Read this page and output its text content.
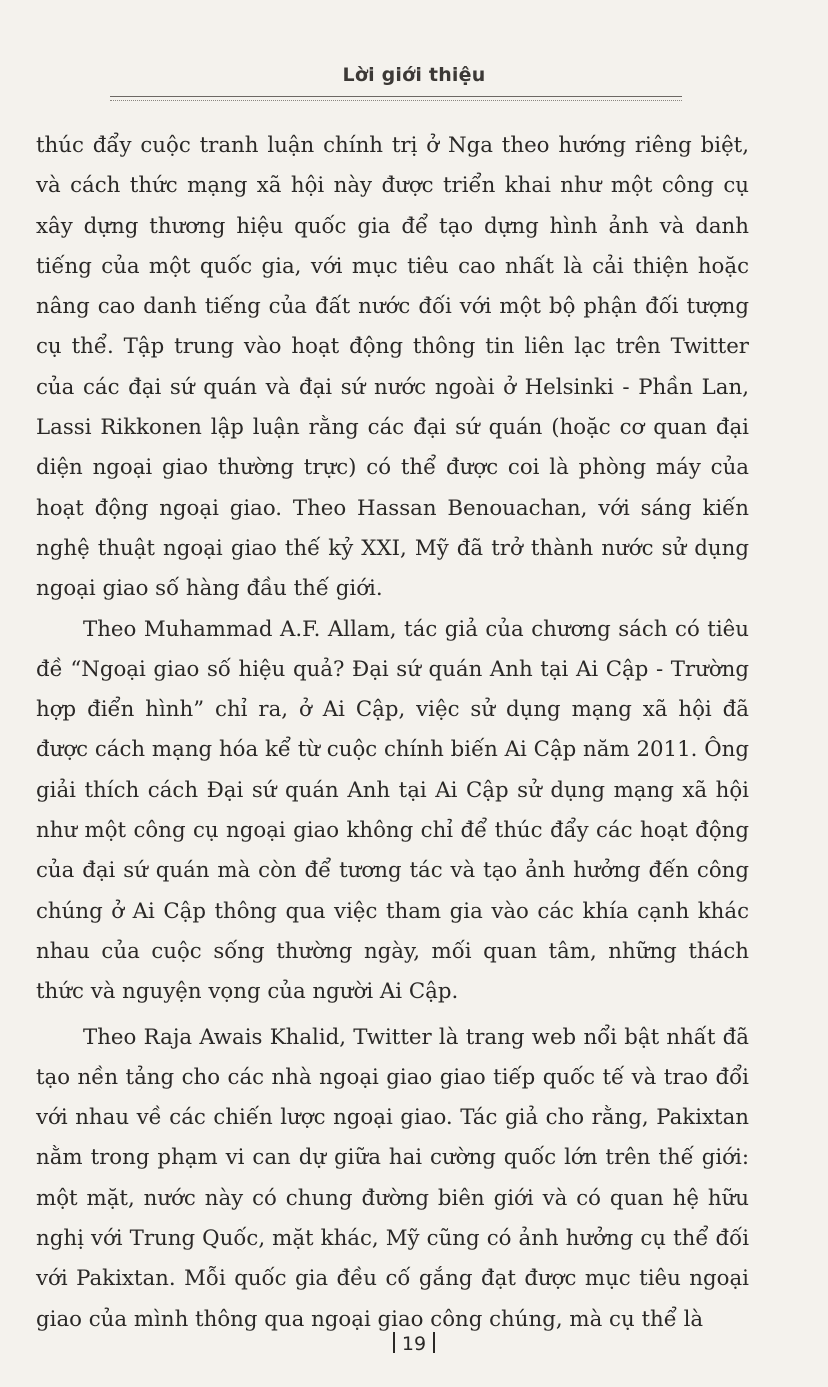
Lời giới thiệu

thúc đẩy cuộc tranh luận chính trị ở Nga theo hướng riêng biệt, và cách thức mạng xã hội này được triển khai như một công cụ xây dựng thương hiệu quốc gia để tạo dựng hình ảnh và danh tiếng của một quốc gia, với mục tiêu cao nhất là cải thiện hoặc nâng cao danh tiếng của đất nước đối với một bộ phận đối tượng cụ thể. Tập trung vào hoạt động thông tin liên lạc trên Twitter của các đại sứ quán và đại sứ nước ngoài ở Helsinki - Phần Lan, Lassi Rikkonen lập luận rằng các đại sứ quán (hoặc cơ quan đại diện ngoại giao thường trực) có thể được coi là phòng máy của hoạt động ngoại giao. Theo Hassan Benouachan, với sáng kiến nghệ thuật ngoại giao thế kỷ XXI, Mỹ đã trở thành nước sử dụng ngoại giao số hàng đầu thế giới.

Theo Muhammad A.F. Allam, tác giả của chương sách có tiêu đề “Ngoại giao số hiệu quả? Đại sứ quán Anh tại Ai Cập - Trường hợp điển hình” chỉ ra, ở Ai Cập, việc sử dụng mạng xã hội đã được cách mạng hóa kể từ cuộc chính biến Ai Cập năm 2011. Ông giải thích cách Đại sứ quán Anh tại Ai Cập sử dụng mạng xã hội như một công cụ ngoại giao không chỉ để thúc đẩy các hoạt động của đại sứ quán mà còn để tương tác và tạo ảnh hưởng đến công chúng ở Ai Cập thông qua việc tham gia vào các khía cạnh khác nhau của cuộc sống thường ngày, mối quan tâm, những thách thức và nguyện vọng của người Ai Cập.

Theo Raja Awais Khalid, Twitter là trang web nổi bật nhất đã tạo nền tảng cho các nhà ngoại giao giao tiếp quốc tế và trao đổi với nhau về các chiến lược ngoại giao. Tác giả cho rằng, Pakixtan nằm trong phạm vi can dự giữa hai cường quốc lớn trên thế giới: một mặt, nước này có chung đường biên giới và có quan hệ hữu nghị với Trung Quốc, mặt khác, Mỹ cũng có ảnh hưởng cụ thể đối với Pakixtan. Mỗi quốc gia đều cố gắng đạt được mục tiêu ngoại giao của mình thông qua ngoại giao công chúng, mà cụ thể là

19
